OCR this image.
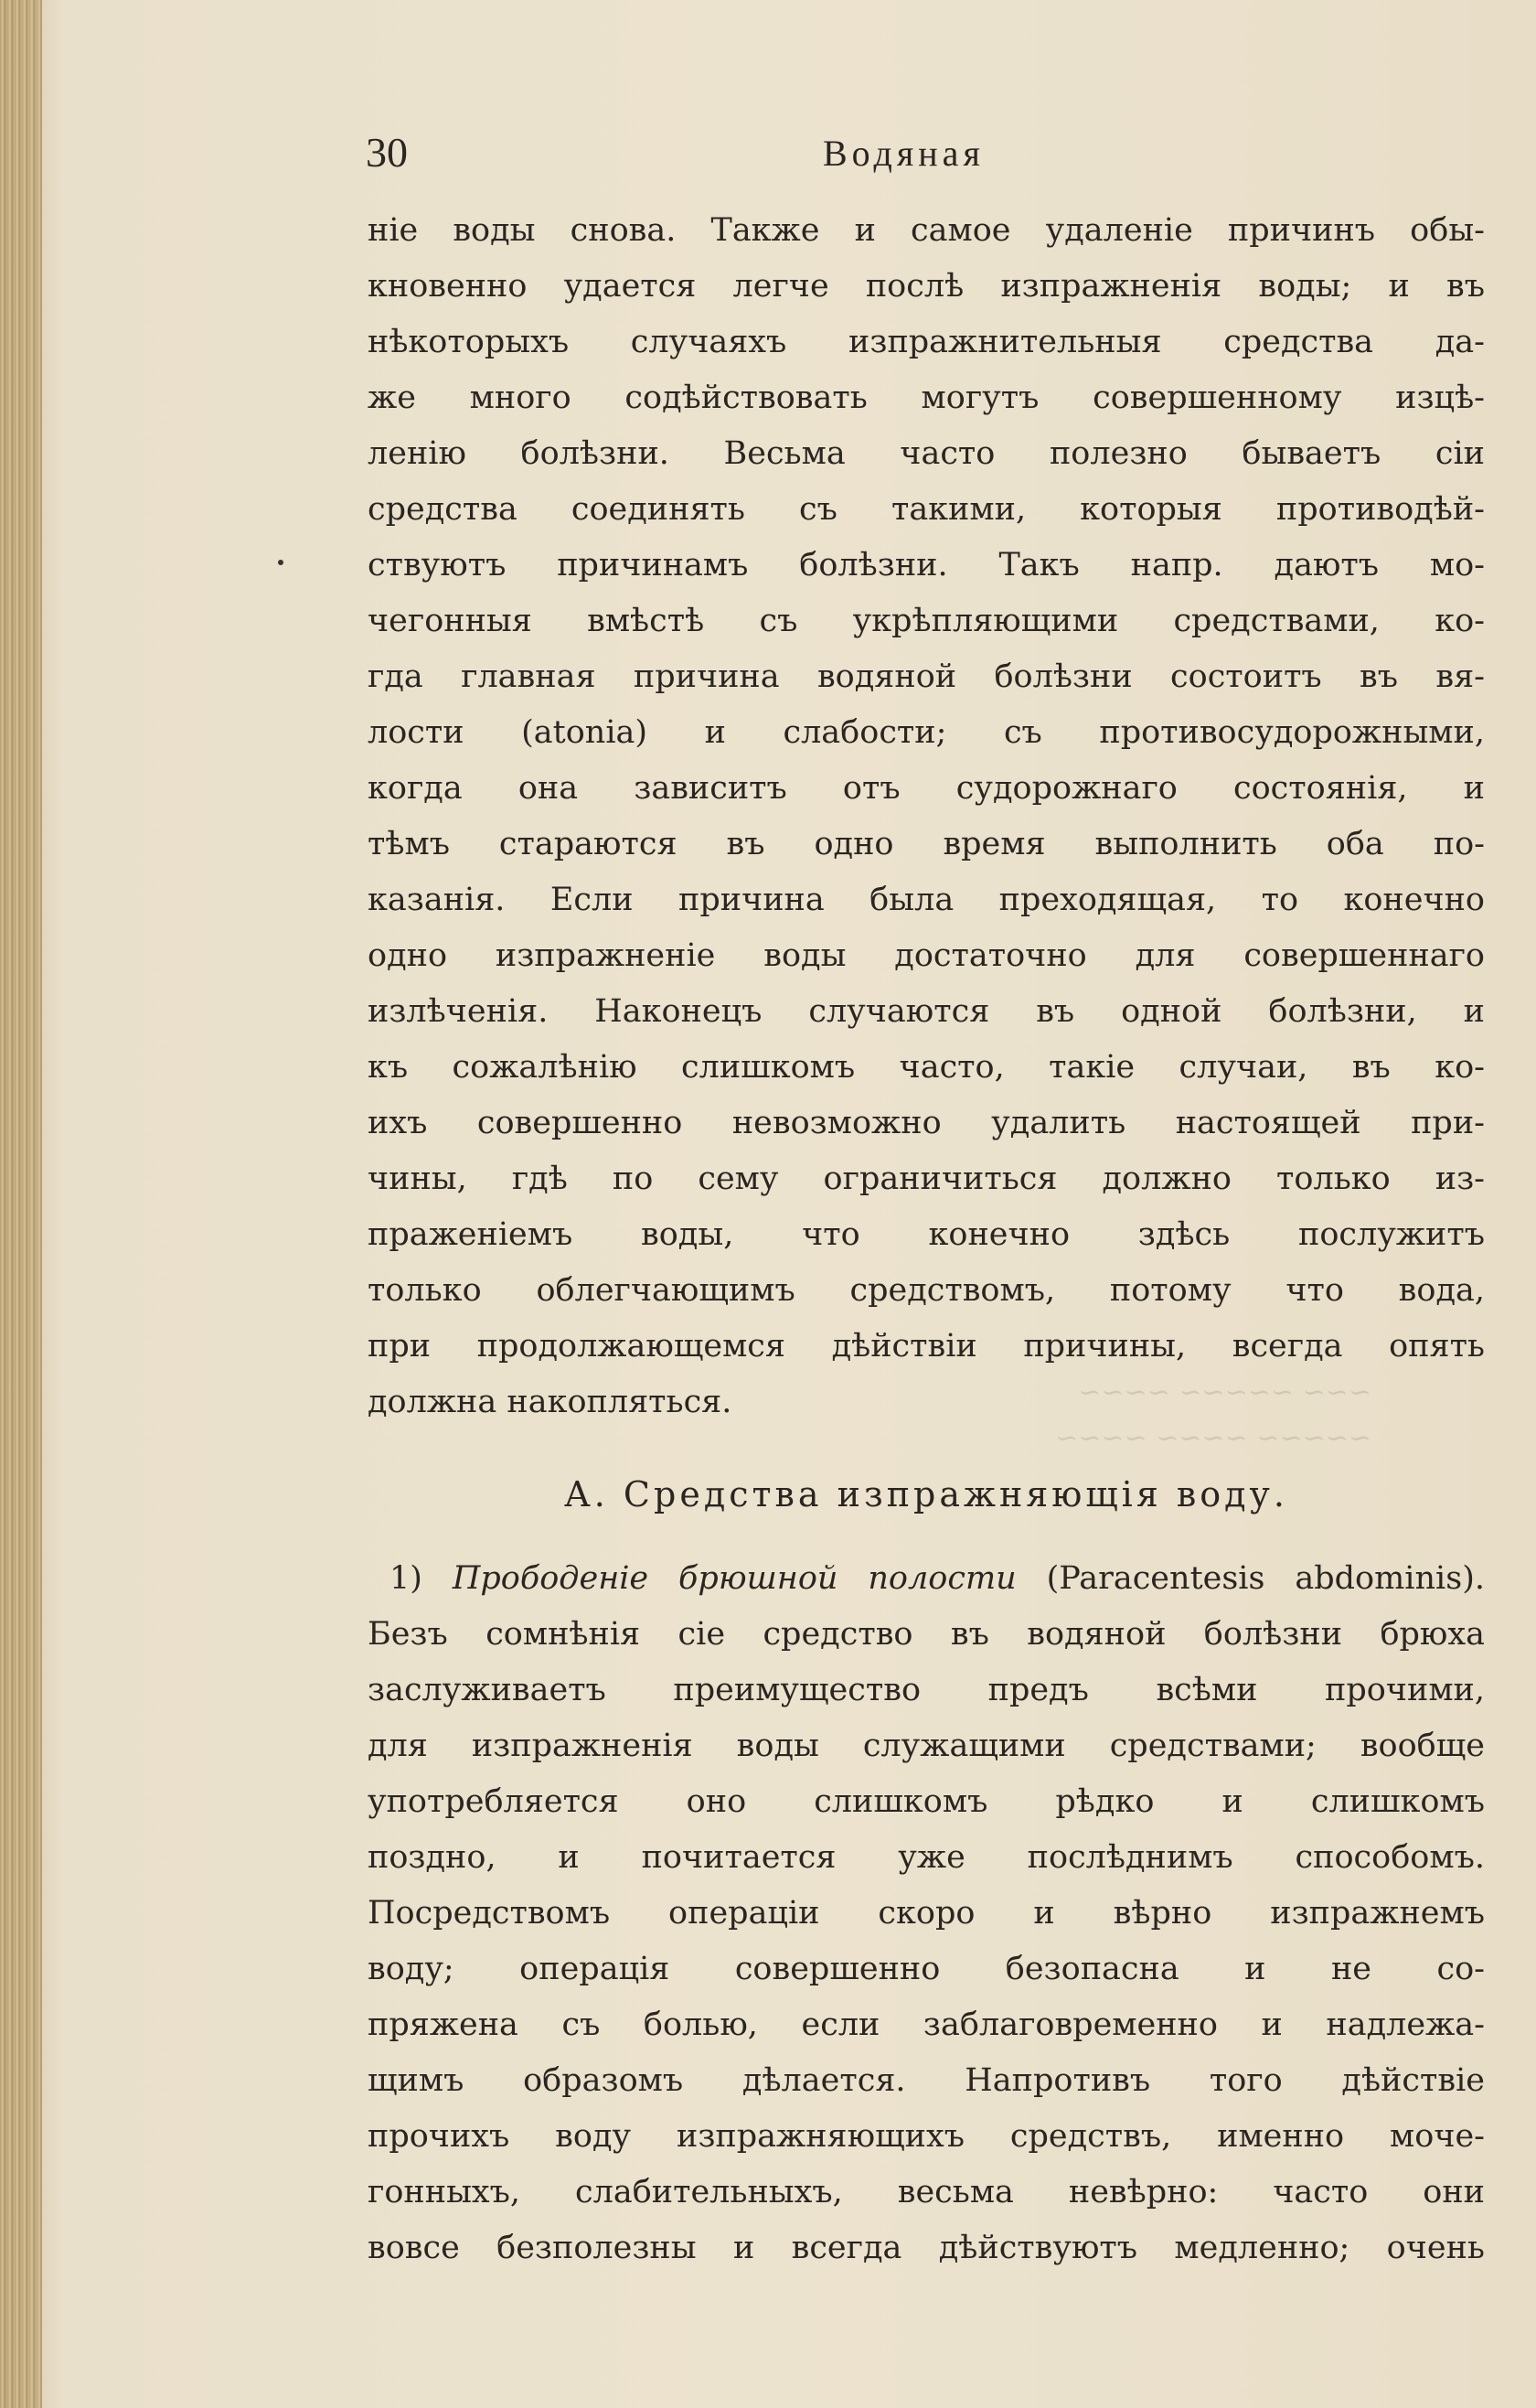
~~~ ~~~~~ ~~~~
~~~~~ ~~~~ ~~~~
30	Водяная
ніе воды снова. Также и самое удаленіе причинъ обы-
кновенно удается легче послѣ изпражненія воды; и въ
нѣкоторыхъ случаяхъ изпражнительныя средства да-
же много содѣйствовать могутъ совершенному изцѣ-
ленію болѣзни. Весьма часто полезно бываетъ сіи
средства соединять съ такими, которыя противодѣй-
ствуютъ причинамъ болѣзни. Такъ напр. даютъ мо-
чегонныя вмѣстѣ съ укрѣпляющими средствами, ко-
гда главная причина водяной болѣзни состоитъ въ вя-
лости (atonia) и слабости; съ противосудорожными,
когда она зависитъ отъ судорожнаго состоянія, и
тѣмъ стараются въ одно время выполнить оба по-
казанія. Если причина была преходящая, то конечно
одно изпражненіе воды достаточно для совершеннаго
излѣченія. Наконецъ случаются въ одной болѣзни, и
къ сожалѣнію слишкомъ часто, такіе случаи, въ ко-
ихъ совершенно невозможно удалить настоящей при-
чины, гдѣ по сему ограничиться должно только из-
праженіемъ воды, что конечно здѣсь послужитъ
только облегчающимъ средствомъ, потому что вода,
при продолжающемся дѣйствіи причины, всегда опять
должна накопляться.
А. Средства изпражняющія воду.
1) Прободеніе брюшной полости (Paracentesis abdominis).
Безъ сомнѣнія сіе средство въ водяной болѣзни брюха
заслуживаетъ преимущество предъ всѣми прочими,
для изпражненія воды служащими средствами; вообще
употребляется оно слишкомъ рѣдко и слишкомъ
поздно, и почитается уже послѣднимъ способомъ.
Посредствомъ операціи скоро и вѣрно изпражнемъ
воду; операція совершенно безопасна и не со-
пряжена съ болью, если заблаговременно и надлежа-
щимъ образомъ дѣлается. Напротивъ того дѣйствіе
прочихъ воду изпражняющихъ средствъ, именно моче-
гонныхъ, слабительныхъ, весьма невѣрно: часто они
вовсе безполезны и всегда дѣйствуютъ медленно; очень
